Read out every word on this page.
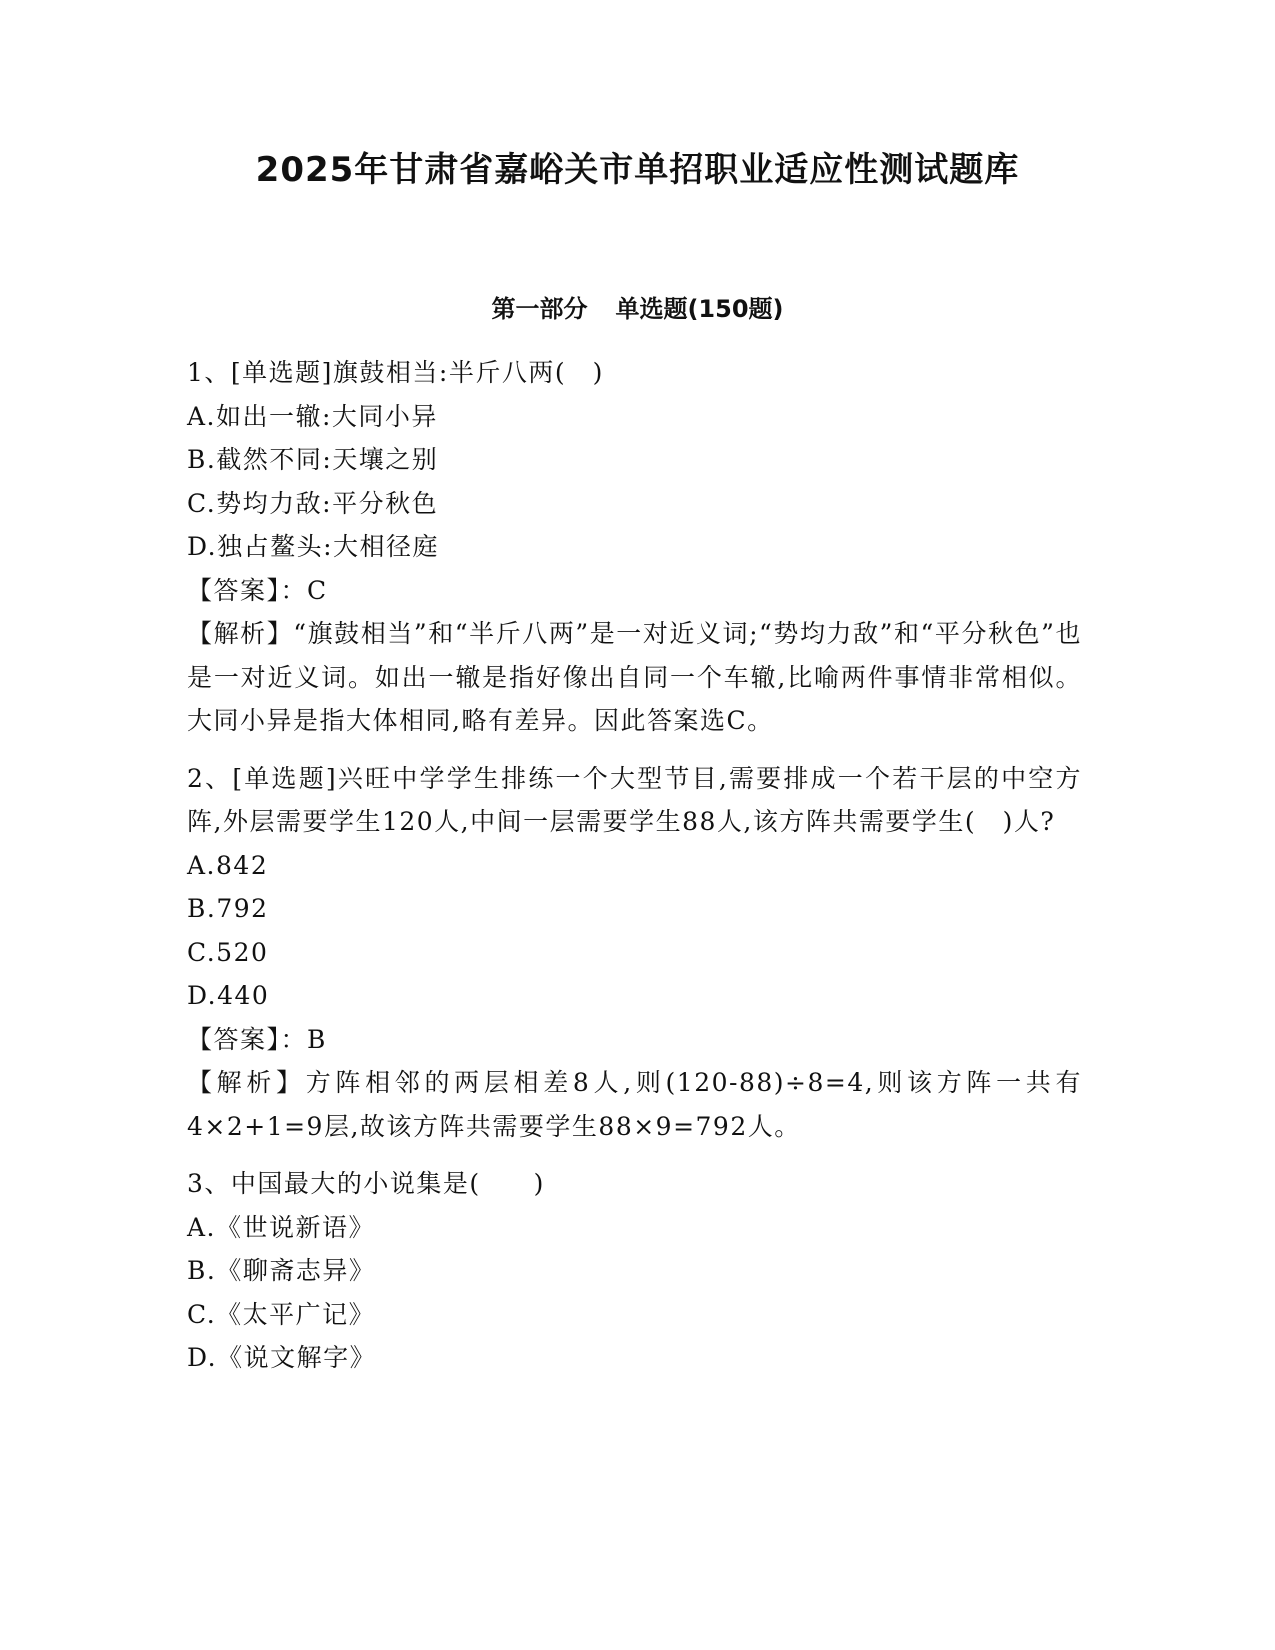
2025年甘肃省嘉峪关市单招职业适应性测试题库
第一部分 单选题(150题)

1、[单选题]旗鼓相当:半斤八两(　)

A.如出一辙:大同小异

B.截然不同:天壤之别

C.势均力敌:平分秋色

D.独占鳌头:大相径庭

【答案】：C

【解析】“旗鼓相当”和“半斤八两”是一对近义词;“势均力敌”和“平分秋色”也是一对近义词。如出一辙是指好像出自同一个车辙,比喻两件事情非常相似。大同小异是指大体相同,略有差异。因此答案选C。

2、[单选题]兴旺中学学生排练一个大型节目,需要排成一个若干层的中空方阵,外层需要学生120人,中间一层需要学生88人,该方阵共需要学生(　)人?

A.842

B.792

C.520

D.440

【答案】：B

【解析】方阵相邻的两层相差8人,则(120-88)÷8=4,则该方阵一共有4×2+1=9层,故该方阵共需要学生88×9=792人。

3、中国最大的小说集是(　　)

A.《世说新语》

B.《聊斋志异》

C.《太平广记》

D.《说文解字》
